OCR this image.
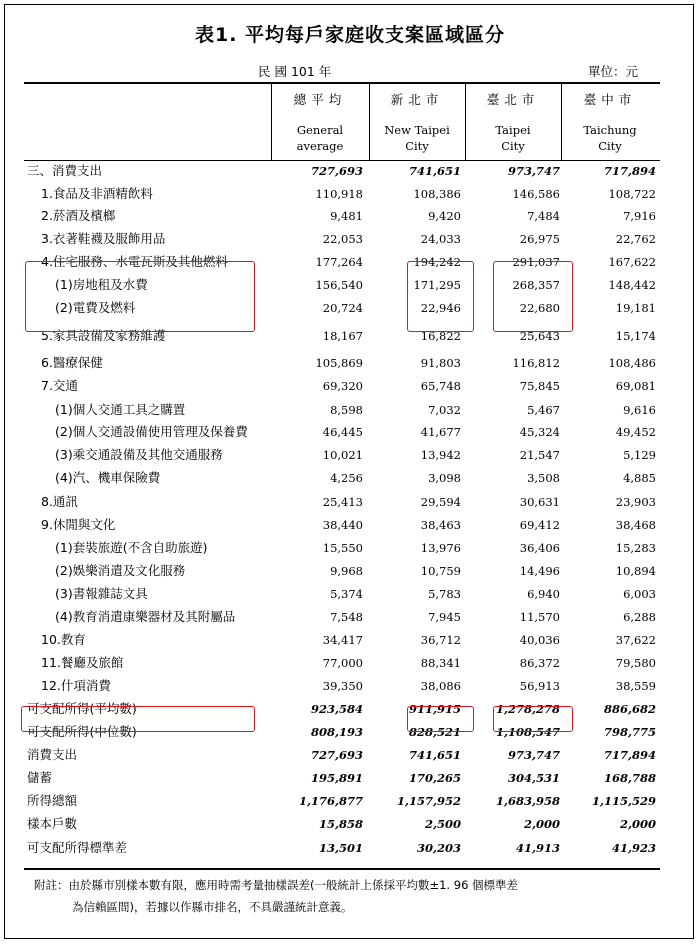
表1. 平均每戶家庭收支案區域區分
民 國 101 年	單位：元
總平均
General
average
新北市
New Taipei
City
臺北市
Taipei
City
臺中市
Taichung
City
三、消費支出	727,693	741,651	973,747	717,894
1.食品及非酒精飲料	110,918	108,386	146,586	108,722
2.菸酒及檳榔	9,481	9,420	7,484	7,916
3.衣著鞋襪及服飾用品	22,053	24,033	26,975	22,762
4.住宅服務、水電瓦斯及其他燃料	177,264	194,242	291,037	167,622
(1)房地租及水費	156,540	171,295	268,357	148,442
(2)電費及燃料	20,724	22,946	22,680	19,181
5.家具設備及家務維護	18,167	16,822	25,643	15,174
6.醫療保健	105,869	91,803	116,812	108,486
7.交通	69,320	65,748	75,845	69,081
(1)個人交通工具之購置	8,598	7,032	5,467	9,616
(2)個人交通設備使用管理及保養費	46,445	41,677	45,324	49,452
(3)乘交通設備及其他交通服務	10,021	13,942	21,547	5,129
(4)汽、機車保險費	4,256	3,098	3,508	4,885
8.通訊	25,413	29,594	30,631	23,903
9.休閒與文化	38,440	38,463	69,412	38,468
(1)套裝旅遊(不含自助旅遊)	15,550	13,976	36,406	15,283
(2)娛樂消遣及文化服務	9,968	10,759	14,496	10,894
(3)書報雜誌文具	5,374	5,783	6,940	6,003
(4)教育消遣康樂器材及其附屬品	7,548	7,945	11,570	6,288
10.教育	34,417	36,712	40,036	37,622
11.餐廳及旅館	77,000	88,341	86,372	79,580
12.什項消費	39,350	38,086	56,913	38,559
可支配所得(平均數)	923,584	911,915	1,278,278	886,682
可支配所得(中位數)	808,193	828,521	1,108,547	798,775
消費支出	727,693	741,651	973,747	717,894
儲蓄	195,891	170,265	304,531	168,788
所得總額	1,176,877	1,157,952	1,683,958	1,115,529
樣本戶數	15,858	2,500	2,000	2,000
可支配所得標準差	13,501	30,203	41,913	41,923
附註：由於縣市別樣本數有限，應用時需考量抽樣誤差(一般統計上係採平均數±1. 96 個標準差
為信賴區間)，若據以作縣市排名，不具嚴謹統計意義。
